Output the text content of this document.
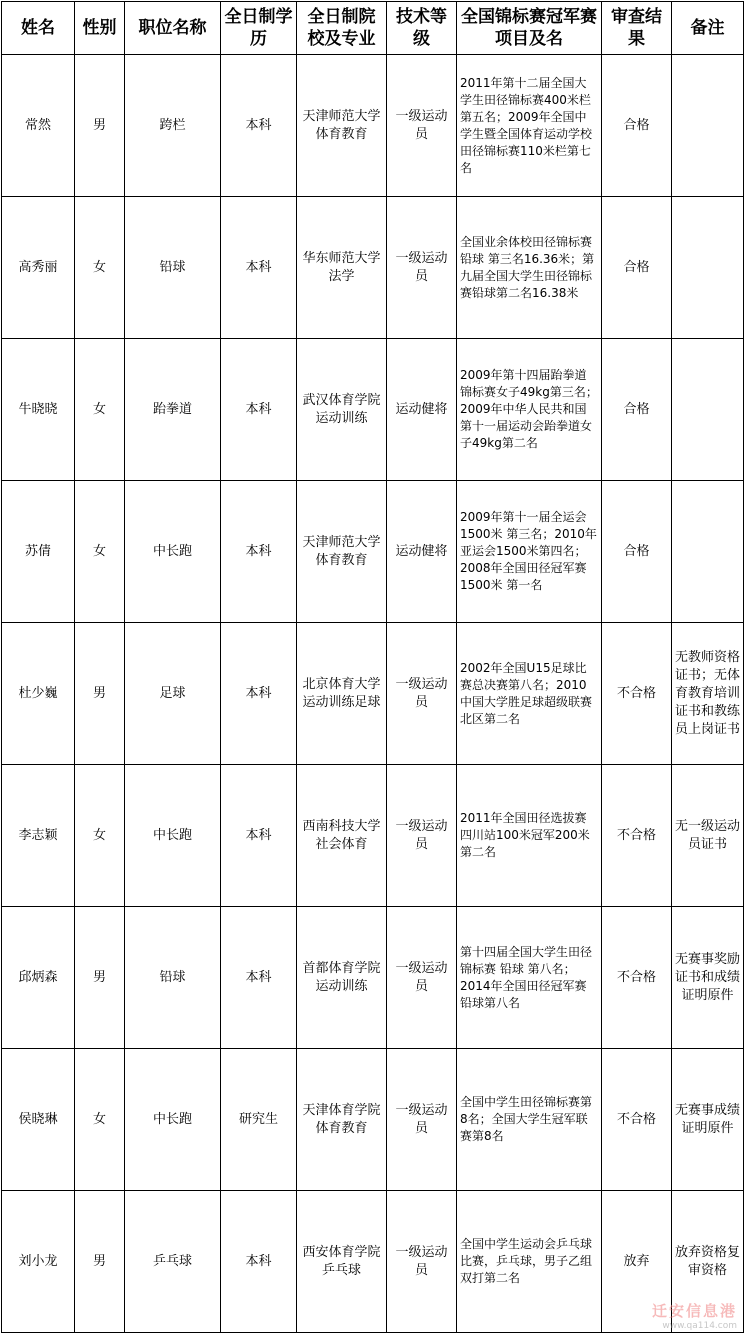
姓名	性别	职位名称	全日制学历	全日制院校及专业	技术等级	全国锦标赛冠军赛项目及名	审查结果	备注
常然	男	跨栏	本科	天津师范大学体育教育	一级运动员	2011年第十二届全国大学生田径锦标赛400米栏第五名；2009年全国中学生暨全国体育运动学校田径锦标赛110米栏第七名	合格	
高秀丽	女	铅球	本科	华东师范大学法学	一级运动员	全国业余体校田径锦标赛铅球 第三名16.36米；第九届全国大学生田径锦标赛铅球第二名16.38米	合格	
牛晓晓	女	跆拳道	本科	武汉体育学院运动训练	运动健将	2009年第十四届跆拳道锦标赛女子49kg第三名；2009年中华人民共和国第十一届运动会跆拳道女子49kg第二名	合格	
苏倩	女	中长跑	本科	天津师范大学体育教育	运动健将	2009年第十一届全运会 1500米 第三名；2010年亚运会1500米第四名；2008年全国田径冠军赛 1500米 第一名	合格	
杜少巍	男	足球	本科	北京体育大学运动训练足球	一级运动员	2002年全国U15足球比赛总决赛第八名；2010中国大学胜足球超级联赛北区第二名	不合格	无教师资格证书；无体育教育培训证书和教练员上岗证书
李志颖	女	中长跑	本科	西南科技大学社会体育	一级运动员	2011年全国田径选拔赛四川站100米冠军200米第二名	不合格	无一级运动员证书
邱炳森	男	铅球	本科	首都体育学院运动训练	一级运动员	第十四届全国大学生田径锦标赛 铅球 第八名；2014年全国田径冠军赛 铅球第八名	不合格	无赛事奖励证书和成绩证明原件
侯晓琳	女	中长跑	研究生	天津体育学院体育教育	一级运动员	全国中学生田径锦标赛第8名；全国大学生冠军联赛第8名	不合格	无赛事成绩证明原件
刘小龙	男	乒乓球	本科	西安体育学院乒乓球	一级运动员	全国中学生运动会乒乓球比赛，乒乓球，男子乙组双打第二名	放弃	放弃资格复审资格
迁安信息港
www.qa114.com
